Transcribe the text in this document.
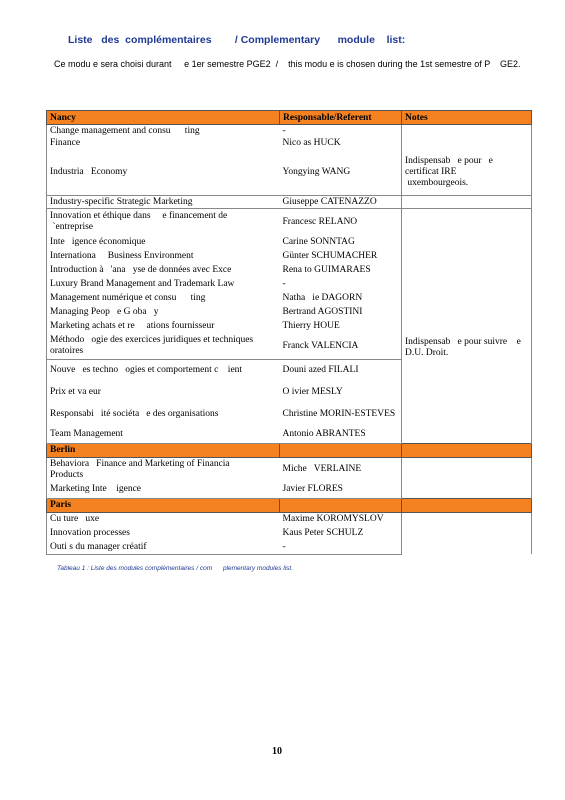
Liste   des  complémentaires        / Complementary      module    list:
Ce modu e sera choisi durant     e 1er semestre PGE2  /    this modu e is chosen during the 1st semestre of P    GE2.
Nancy	Responsable/Referent	Notes
Change management and consu      ting	-	
Finance	Nico as HUCK	
Industria   Economy	Yongying WANG	Indispensab   e pour   e
certificat IRE
uxembourgeois.
Industry-specific Strategic Marketing	Giuseppe CATENAZZO	
Innovation et éthique dans     e financement de
`entreprise	Francesc RELANO	Indispensab   e pour suivre    e
D.U. Droit.
Inte   igence économique	Carine SONNTAG	
Internationa     Business Environment	Günter SCHUMACHER	
Introduction à   'ana   yse de données avec Exce	Rena to GUIMARAES	
Luxury Brand Management and Trademark Law	-	
Management numérique et consu      ting	Natha   ie DAGORN	
Managing Peop   e G oba   y	Bertrand AGOSTINI	
Marketing achats et re     ations fournisseur	Thierry HOUE	
Méthodo   ogie des exercices juridiques et techniques
oratoires	Franck VALENCIA	
Nouve   es techno   ogies et comportement c    ient	Douni azed FILALI	
Prix et va eur	O ivier MESLY	
Responsabi   ité sociéta   e des organisations	Christine MORIN-ESTEVES	
Team Management	Antonio ABRANTES	
Berlin		
Behaviora   Finance and Marketing of Financia
Products	Miche   VERLAINE	
Marketing Inte    igence	Javier FLORES	
Paris		
Cu ture   uxe	Maxime KOROMYSLOV	
Innovation processes	Kaus Peter SCHULZ	
Outi s du manager créatif	-	
Tableau 1 : Liste des modules complémentaires / com      plementary modules list.
10
